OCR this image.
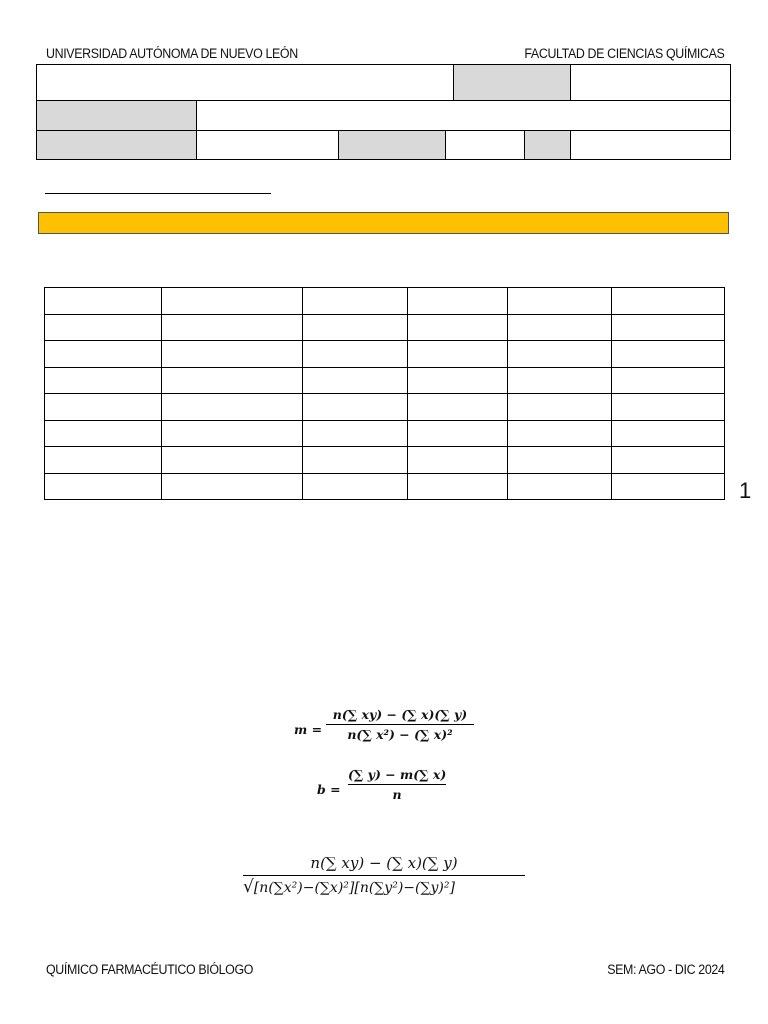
UNIVERSIDAD AUTÓNOMA DE NUEVO LEÓN	FACULTAD DE CIENCIAS QUÍMICAS

1
$m = \frac{n(\sum xy) - (\sum x)(\sum y)}{\text{n(∑ x²) − (∑ x)²}}$
$b = \frac{(\sum y) - m(\sum x)}{n}$
$\frac{n(\sum xy) - (\sum x)(\sum y)}{\text{√[n(∑x²)−(∑x)²][n(∑y²)−(∑y)²]}}$
QUÍMICO FARMACÉUTICO BIÓLOGO	SEM: AGO - DIC 2024
